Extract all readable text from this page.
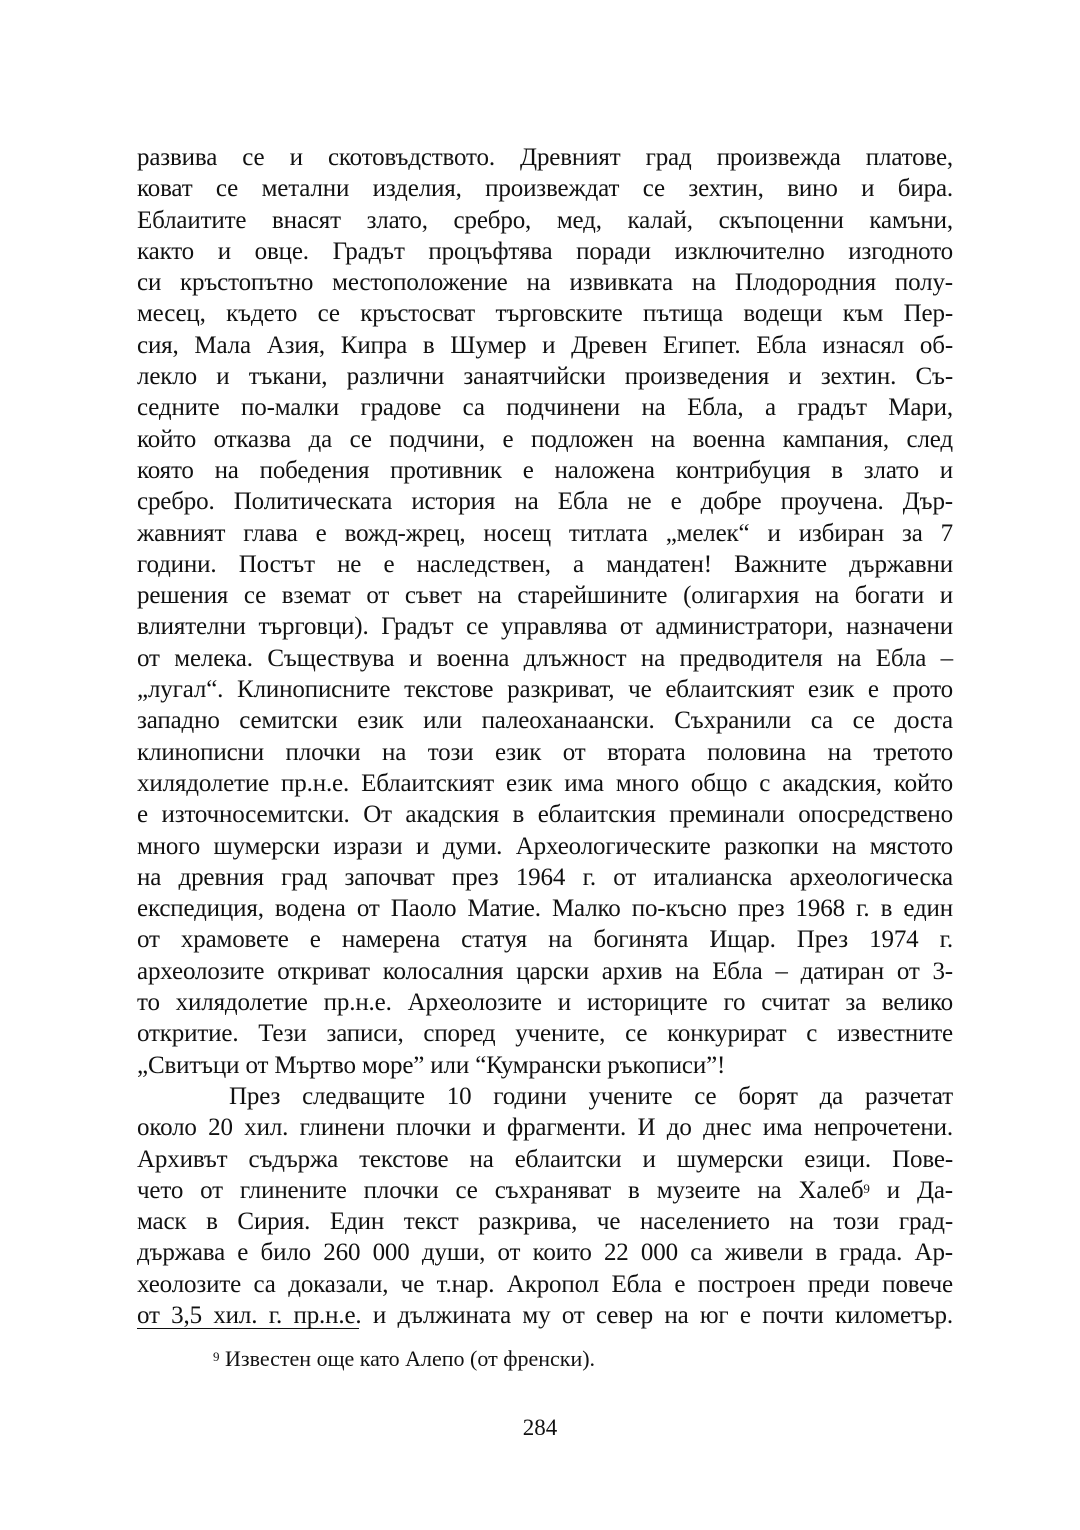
развива се и скотовъдството. Древният град произвежда платове,
коват се метални изделия, произвеждат се зехтин, вино и бира.
Еблаитите внасят злато, сребро, мед, калай, скъпоценни камъни,
както и овце. Градът процъфтява поради изключително изгодното
си кръстопътно местоположение на извивката на Плодородния полу-
месец, където се кръстосват търговските пътища водещи към Пер-
сия, Мала Азия, Кипра в Шумер и Древен Египет. Ебла изнасял об-
лекло и тъкани, различни занаятчийски произведения и зехтин. Съ-
седните по-малки градове са подчинени на Ебла, а градът Мари,
който отказва да се подчини, е подложен на военна кампания, след
която на победения противник е наложена контрибуция в злато и
сребро. Политическата история на Ебла не е добре проучена. Дър-
жавният глава е вожд-жрец, носещ титлата „мелек“ и избиран за 7
години. Постът не е наследствен, а мандатен! Важните държавни
решения се вземат от съвет на старейшините (олигархия на богати и
влиятелни търговци). Градът се управлява от администратори, назначени
от мелека. Съществува и военна длъжност на предводителя на Ебла –
„лугал“. Клинописните текстове разкриват, че еблаитският език е прото
западно семитски език или палеоханаански. Съхранили са се доста
клинописни плочки на този език от втората половина на третото
хилядолетие пр.н.е. Еблаитският език има много общо с акадския, който
е източносемитски. От акадския в еблаитския преминали опосредствено
много шумерски изрази и думи. Археологическите разкопки на мястото
на древния град започват през 1964 г. от италианска археологическа
експедиция, водена от Паоло Матие. Малко по-късно през 1968 г. в един
от храмовете е намерена статуя на богинята Ищар. През 1974 г.
археолозите откриват колосалния царски архив на Ебла – датиран от 3-
то хилядолетие пр.н.е. Археолозите и историците го считат за велико
откритие. Тези записи, според учените, се конкурират с известните
„Свитъци от Мъртво море” или “Кумрански ръкописи”!
През следващите 10 години учените се борят да разчетат
около 20 хил. глинени плочки и фрагменти. И до днес има непрочетени.
Архивът съдържа текстове на еблаитски и шумерски езици. Пове-
чето от глинените плочки се съхраняват в музеите на Халеб$^9$ и Да-
маск в Сирия. Един текст разкрива, че населението на този град-
държава е било 260 000 души, от които 22 000 са живели в града. Ар-
хеолозите са доказали, че т.нар. Акропол Ебла е построен преди повече
от 3,5 хил. г. пр.н.е. и дължината му от север на юг е почти километър.
$^9$ Известен още като Алепо (от френски).
284
